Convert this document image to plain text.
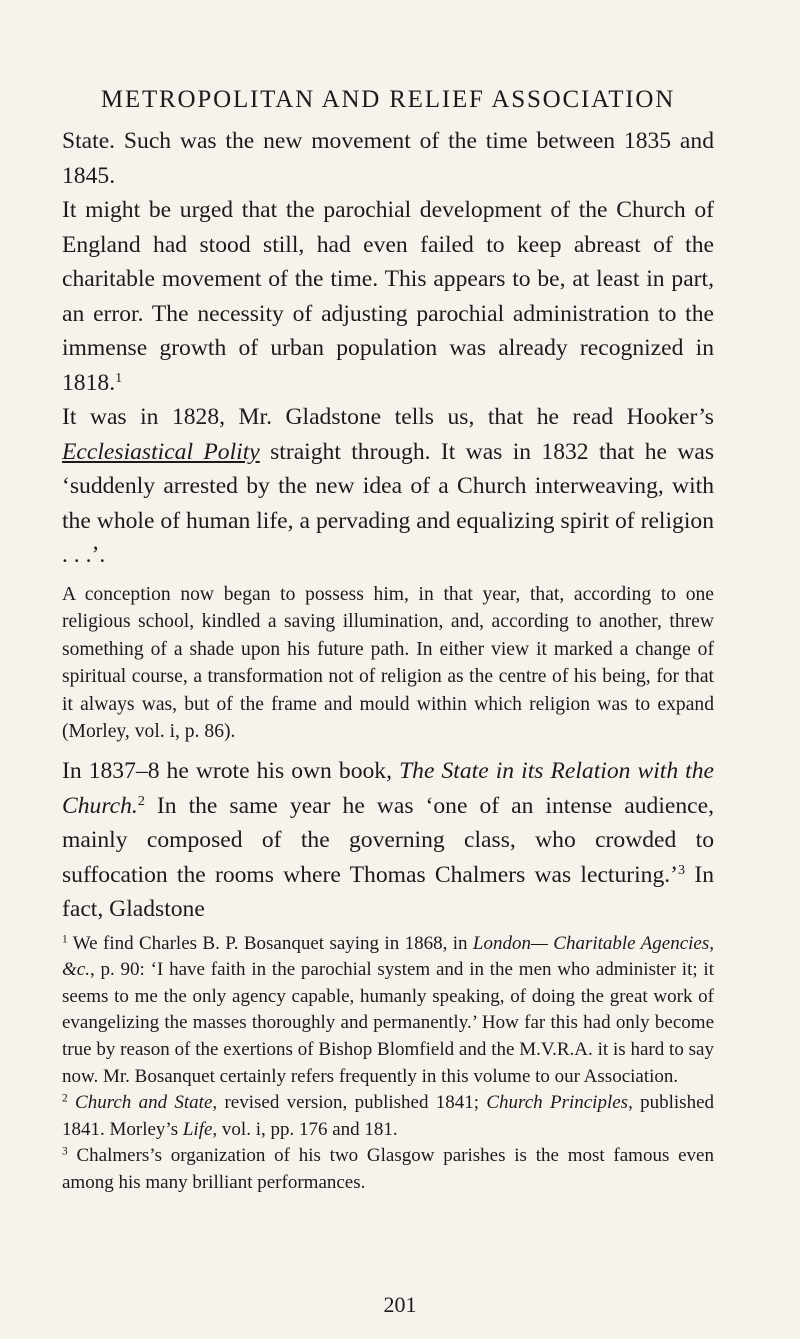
METROPOLITAN AND RELIEF ASSOCIATION

State. Such was the new movement of the time between 1835 and 1845.

It might be urged that the parochial development of the Church of England had stood still, had even failed to keep abreast of the charitable movement of the time. This appears to be, at least in part, an error. The necessity of adjusting parochial administration to the immense growth of urban population was already recognized in 1818.$^1$

It was in 1828, Mr. Gladstone tells us, that he read Hooker’s Ecclesiastical Polity straight through. It was in 1832 that he was ‘suddenly arrested by the new idea of a Church interweaving, with the whole of human life, a pervading and equalizing spirit of religion . . .’.

A conception now began to possess him, in that year, that, according to one religious school, kindled a saving illumination, and, according to another, threw something of a shade upon his future path. In either view it marked a change of spiritual course, a transformation not of religion as the centre of his being, for that it always was, but of the frame and mould within which religion was to expand (Morley, vol. i, p. 86).

In 1837–8 he wrote his own book, The State in its Relation with the Church.$^2$ In the same year he was ‘one of an intense audience, mainly composed of the governing class, who crowded to suffocation the rooms where Thomas Chalmers was lecturing.’$^3$ In fact, Gladstone

$^1$ We find Charles B. P. Bosanquet saying in 1868, in London— Charitable Agencies, &c., p. 90: ‘I have faith in the parochial system and in the men who administer it; it seems to me the only agency capable, humanly speaking, of doing the great work of evangelizing the masses thoroughly and permanently.’ How far this had only become true by reason of the exertions of Bishop Blomfield and the M.V.R.A. it is hard to say now. Mr. Bosanquet certainly refers frequently in this volume to our Association.

$^2$ Church and State, revised version, published 1841; Church Principles, published 1841. Morley’s Life, vol. i, pp. 176 and 181.

$^3$ Chalmers’s organization of his two Glasgow parishes is the most famous even among his many brilliant performances.

201
